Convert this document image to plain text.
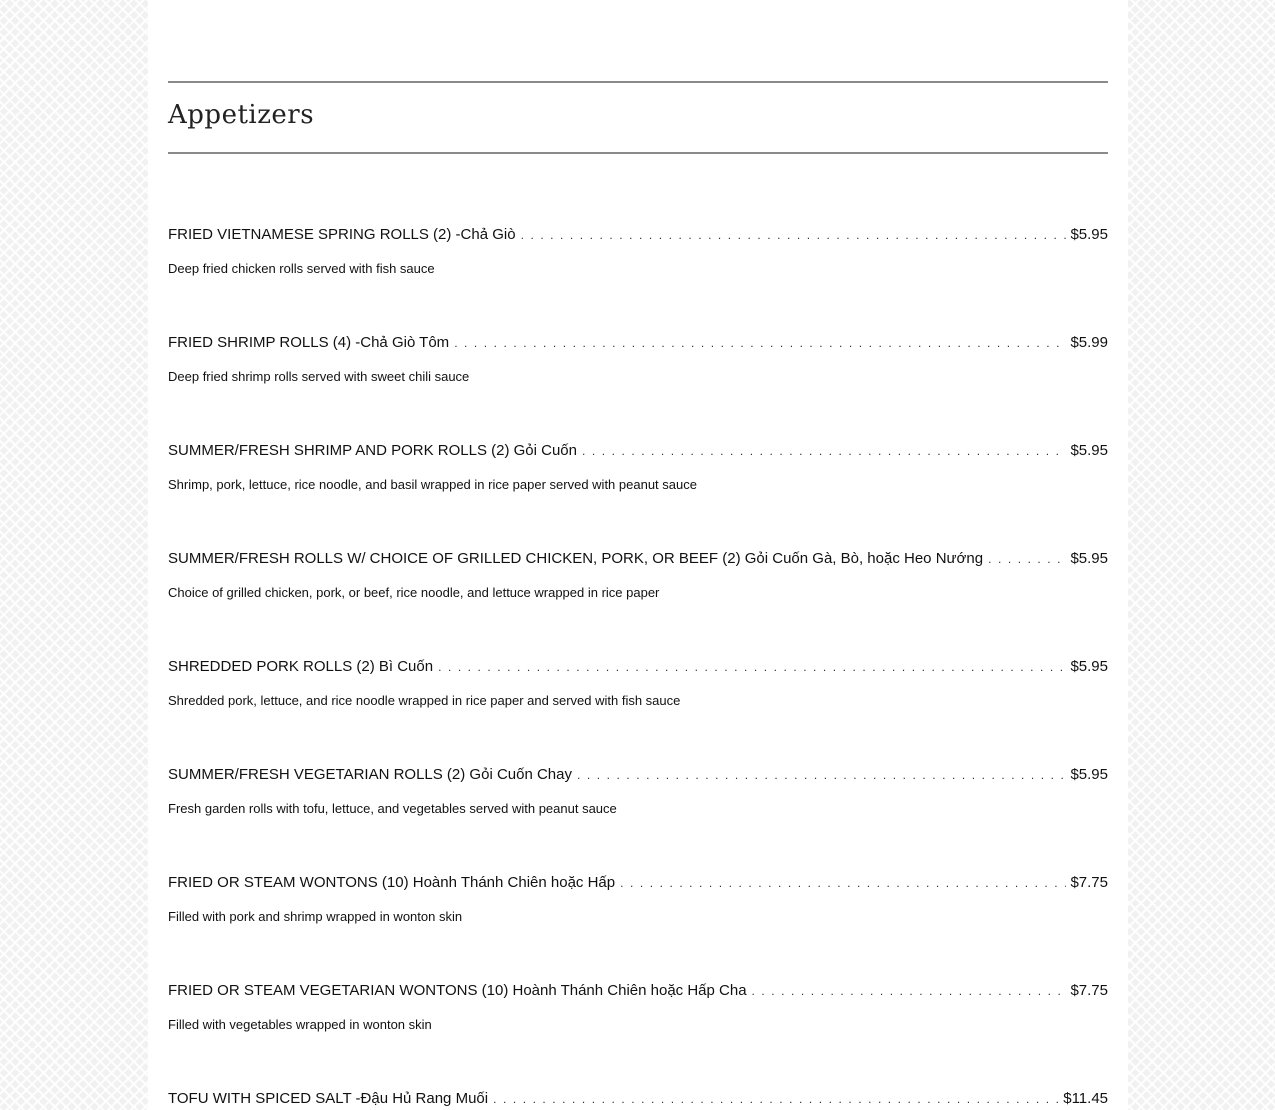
Appetizers
FRIED VIETNAMESE SPRING ROLLS (2) -Chả Giò . . .	$5.95
Deep fried chicken rolls served with fish sauce
FRIED SHRIMP ROLLS (4) -Chả Giò Tôm . . .	$5.99
Deep fried shrimp rolls served with sweet chili sauce
SUMMER/FRESH SHRIMP AND PORK ROLLS (2) Gỏi Cuốn . . .	$5.95
Shrimp, pork, lettuce, rice noodle, and basil wrapped in rice paper served with peanut sauce
SUMMER/FRESH ROLLS W/ CHOICE OF GRILLED CHICKEN, PORK, OR BEEF (2) Gỏi Cuốn Gà, Bò, hoặc Heo Nướng . . .	$5.95
Choice of grilled chicken, pork, or beef, rice noodle, and lettuce wrapped in rice paper
SHREDDED PORK ROLLS (2) Bì Cuốn . . .	$5.95
Shredded pork, lettuce, and rice noodle wrapped in rice paper and served with fish sauce
SUMMER/FRESH VEGETARIAN ROLLS (2) Gỏi Cuốn Chay . . .	$5.95
Fresh garden rolls with tofu, lettuce, and vegetables served with peanut sauce
FRIED OR STEAM WONTONS (10) Hoành Thánh Chiên hoặc Hấp . . .	$7.75
Filled with pork and shrimp wrapped in wonton skin
FRIED OR STEAM VEGETARIAN WONTONS (10) Hoành Thánh Chiên hoặc Hấp Cha . . .	$7.75
Filled with vegetables wrapped in wonton skin
TOFU WITH SPICED SALT -Đậu Hủ Rang Muối . . .	$11.45
